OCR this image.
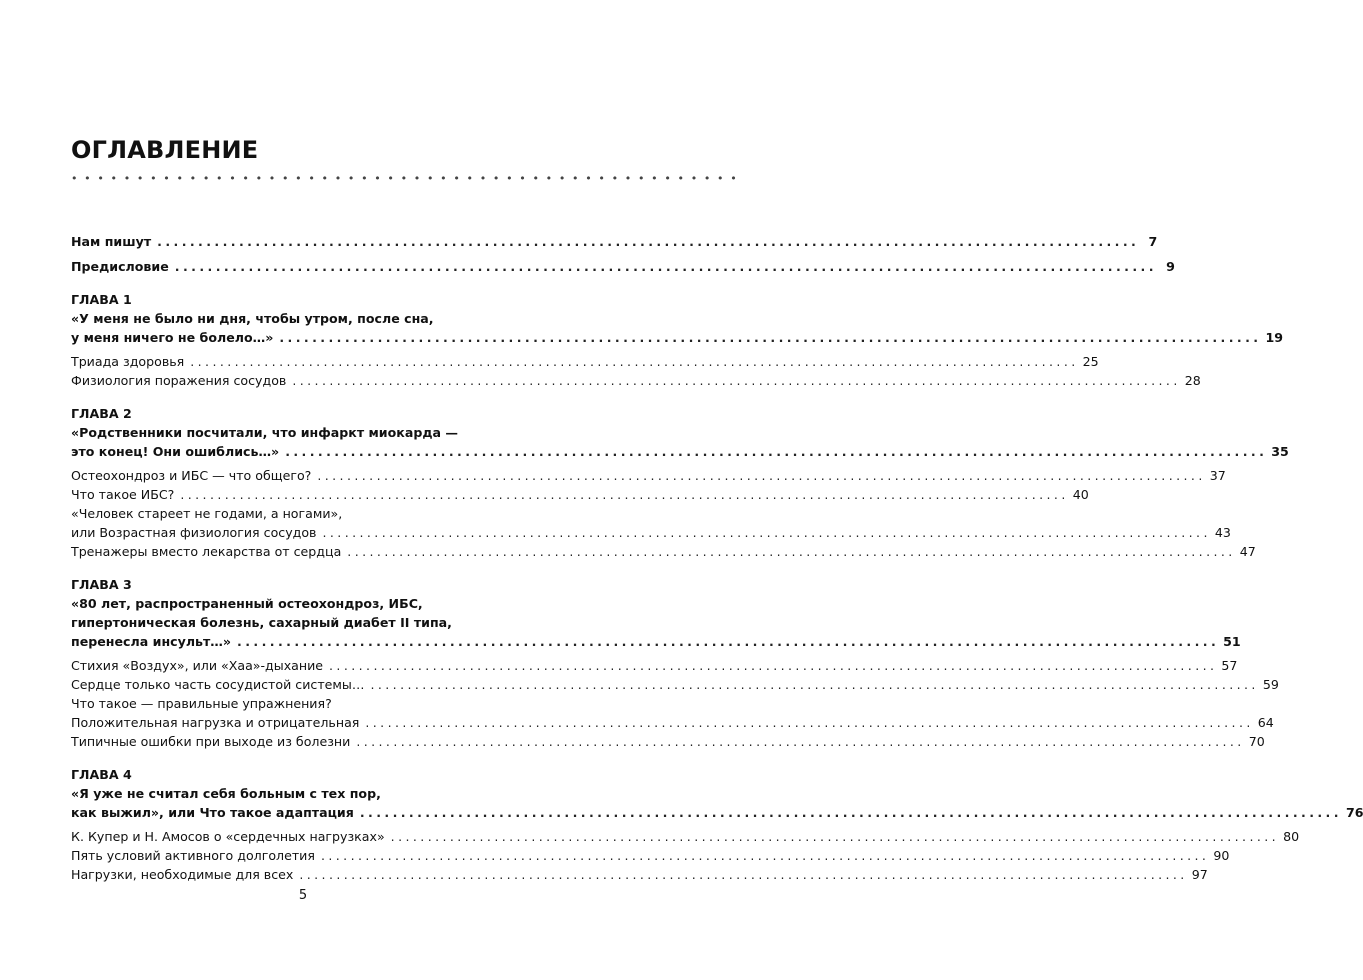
ОГЛАВЛЕНИЕ
• • • • • • • • • • • • • • • • • • • • • • • • • • • • • • • • • • • • • • • • • • • • • • • • • • •
Нам пишут ........................................................................................................................ 7
Предисловие ........................................................................................................................ 9
ГЛАВА 1
«У меня не было ни дня, чтобы утром, после сна,
у меня ничего не болело…» ........................................................................................................................ 19
Триада здоровья ........................................................................................................................ 25
Физиология поражения сосудов ........................................................................................................................ 28
ГЛАВА 2
«Родственники посчитали, что инфаркт миокарда —
это конец! Они ошиблись…» ........................................................................................................................ 35
Остеохондроз и ИБС — что общего? ........................................................................................................................ 37
Что такое ИБС? ........................................................................................................................ 40
«Человек стареет не годами, а ногами»,
или Возрастная физиология сосудов ........................................................................................................................ 43
Тренажеры вместо лекарства от сердца ........................................................................................................................ 47
ГЛАВА 3
«80 лет, распространенный остеохондроз, ИБС,
гипертоническая болезнь, сахарный диабет II типа,
перенесла инсульт…» ........................................................................................................................ 51
Стихия «Воздух», или «Хаа»-дыхание ........................................................................................................................ 57
Сердце только часть сосудистой системы… ........................................................................................................................ 59
Что такое — правильные упражнения?
Положительная нагрузка и отрицательная ........................................................................................................................ 64
Типичные ошибки при выходе из болезни ........................................................................................................................ 70
ГЛАВА 4
«Я уже не считал себя больным с тех пор,
как выжил», или Что такое адаптация ........................................................................................................................ 76
К. Купер и Н. Амосов о «сердечных нагрузках» ........................................................................................................................ 80
Пять условий активного долголетия ........................................................................................................................ 90
Нагрузки, необходимые для всех ........................................................................................................................ 97
5
